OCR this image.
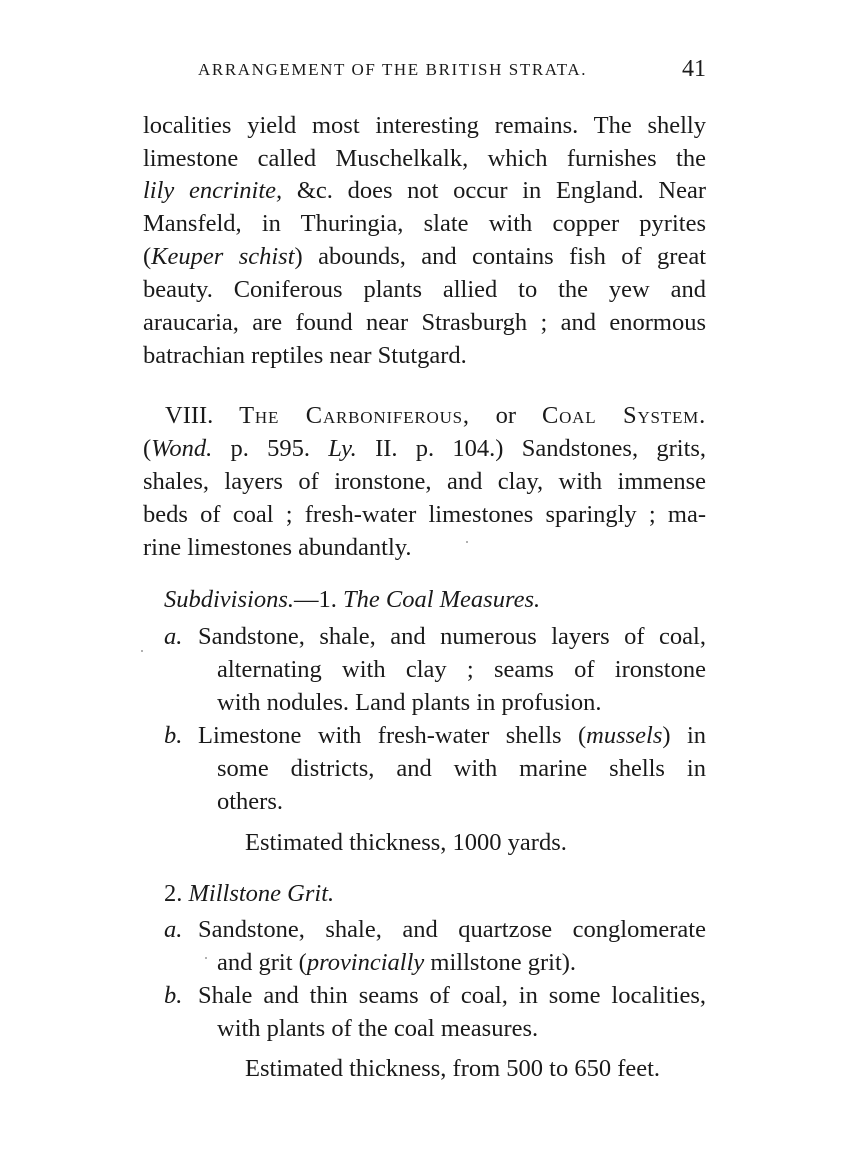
ARRANGEMENT OF THE BRITISH STRATA.	41
localities yield most interesting remains. The shelly
limestone called Muschelkalk, which furnishes the
lily encrinite, &c. does not occur in England. Near
Mansfeld, in Thuringia, slate with copper pyrites
(Keuper schist) abounds, and contains fish of great
beauty. Coniferous plants allied to the yew and
araucaria, are found near Strasburgh ; and enormous
batrachian reptiles near Stutgard.
VIII. The Carboniferous, or Coal System.
(Wond. p. 595. Ly. II. p. 104.) Sandstones, grits,
shales, layers of ironstone, and clay, with immense
beds of coal ; fresh-water limestones sparingly ; ma-
rine limestones abundantly.
Subdivisions.—1. The Coal Measures.
a. Sandstone, shale, and numerous layers of coal,
alternating with clay ; seams of ironstone
with nodules. Land plants in profusion.
b. Limestone with fresh-water shells (mussels) in
some districts, and with marine shells in
others.
Estimated thickness, 1000 yards.
2. Millstone Grit.
a. Sandstone, shale, and quartzose conglomerate
and grit (provincially millstone grit).
b. Shale and thin seams of coal, in some localities,
with plants of the coal measures.
Estimated thickness, from 500 to 650 feet.
